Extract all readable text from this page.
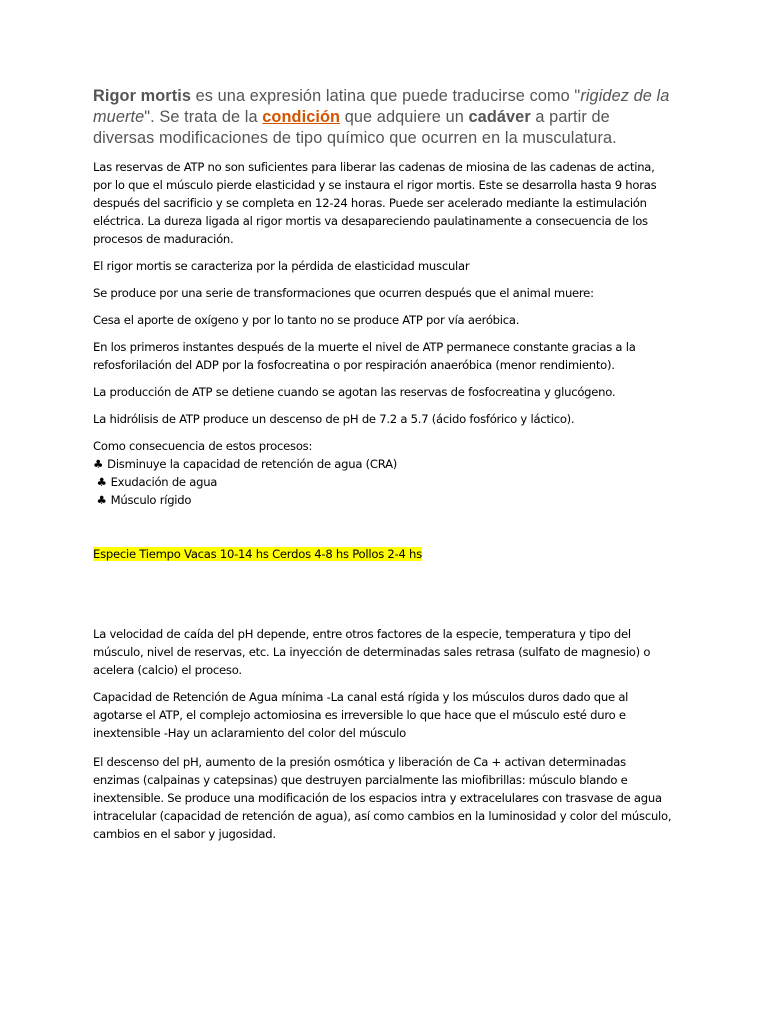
Rigor mortis es una expresión latina que puede traducirse como "rigidez de la muerte". Se trata de la condición que adquiere un cadáver a partir de diversas modificaciones de tipo químico que ocurren en la musculatura.

Las reservas de ATP no son suficientes para liberar las cadenas de miosina de las cadenas de actina, por lo que el músculo pierde elasticidad y se instaura el rigor mortis. Este se desarrolla hasta 9 horas después del sacrificio y se completa en 12-24 horas. Puede ser acelerado mediante la estimulación eléctrica. La dureza ligada al rigor mortis va desapareciendo paulatinamente a consecuencia de los procesos de maduración.

El rigor mortis se caracteriza por la pérdida de elasticidad muscular

Se produce por una serie de transformaciones que ocurren después que el animal muere:

Cesa el aporte de oxígeno y por lo tanto no se produce ATP por vía aeróbica.

En los primeros instantes después de la muerte el nivel de ATP permanece constante gracias a la refosforilación del ADP por la fosfocreatina o por respiración anaeróbica (menor rendimiento).

La producción de ATP se detiene cuando se agotan las reservas de fosfocreatina y glucógeno.

La hidrólisis de ATP produce un descenso de pH de 7.2 a 5.7 (ácido fosfórico y láctico).

Como consecuencia de estos procesos:

♣ Disminuye la capacidad de retención de agua (CRA)

♣ Exudación de agua

♣ Músculo rígido

Especie Tiempo Vacas 10-14 hs Cerdos 4-8 hs Pollos 2-4 hs

La velocidad de caída del pH depende, entre otros factores de la especie, temperatura y tipo del músculo, nivel de reservas, etc. La inyección de determinadas sales retrasa (sulfato de magnesio) o acelera (calcio) el proceso.

Capacidad de Retención de Agua mínima -La canal está rígida y los músculos duros dado que al agotarse el ATP, el complejo actomiosina es irreversible lo que hace que el músculo esté duro e inextensible -Hay un aclaramiento del color del músculo

El descenso del pH, aumento de la presión osmótica y liberación de Ca + activan determinadas enzimas (calpainas y catepsinas) que destruyen parcialmente las miofibrillas: músculo blando e inextensible. Se produce una modificación de los espacios intra y extracelulares con trasvase de agua intracelular (capacidad de retención de agua), así como cambios en la luminosidad y color del músculo, cambios en el sabor y jugosidad.
